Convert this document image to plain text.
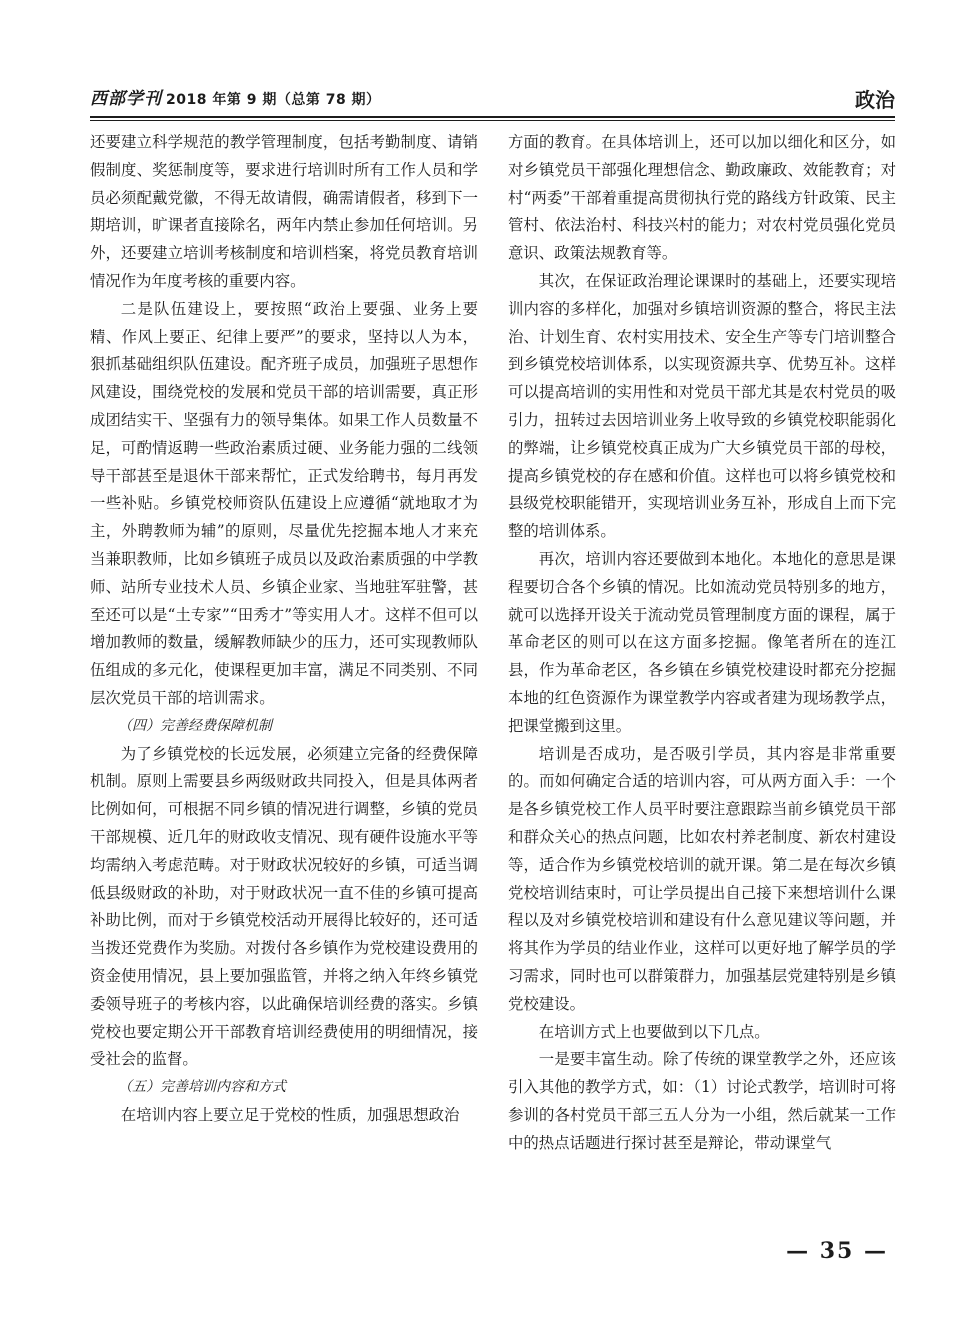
西部学刊 2018 年第 9 期（总第 78 期）	政治

还要建立科学规范的教学管理制度，包括考勤制度、请销假制度、奖惩制度等，要求进行培训时所有工作人员和学员必须配戴党徽，不得无故请假，确需请假者，移到下一期培训，旷课者直接除名，两年内禁止参加任何培训。另外，还要建立培训考核制度和培训档案，将党员教育培训情况作为年度考核的重要内容。

二是队伍建设上，要按照“政治上要强、业务上要精、作风上要正、纪律上要严”的要求，坚持以人为本，狠抓基础组织队伍建设。配齐班子成员，加强班子思想作风建设，围绕党校的发展和党员干部的培训需要，真正形成团结实干、坚强有力的领导集体。如果工作人员数量不足，可酌情返聘一些政治素质过硬、业务能力强的二线领导干部甚至是退休干部来帮忙，正式发给聘书，每月再发一些补贴。乡镇党校师资队伍建设上应遵循“就地取才为主，外聘教师为辅”的原则，尽量优先挖掘本地人才来充当兼职教师，比如乡镇班子成员以及政治素质强的中学教师、站所专业技术人员、乡镇企业家、当地驻军驻警，甚至还可以是“土专家”“田秀才”等实用人才。这样不但可以增加教师的数量，缓解教师缺少的压力，还可实现教师队伍组成的多元化，使课程更加丰富，满足不同类别、不同层次党员干部的培训需求。

（四）完善经费保障机制

为了乡镇党校的长远发展，必须建立完备的经费保障机制。原则上需要县乡两级财政共同投入，但是具体两者比例如何，可根据不同乡镇的情况进行调整，乡镇的党员干部规模、近几年的财政收支情况、现有硬件设施水平等均需纳入考虑范畴。对于财政状况较好的乡镇，可适当调低县级财政的补助，对于财政状况一直不佳的乡镇可提高补助比例，而对于乡镇党校活动开展得比较好的，还可适当拨还党费作为奖励。对拨付各乡镇作为党校建设费用的资金使用情况，县上要加强监管，并将之纳入年终乡镇党委领导班子的考核内容，以此确保培训经费的落实。乡镇党校也要定期公开干部教育培训经费使用的明细情况，接受社会的监督。

（五）完善培训内容和方式

在培训内容上要立足于党校的性质，加强思想政治

方面的教育。在具体培训上，还可以加以细化和区分，如对乡镇党员干部强化理想信念、勤政廉政、效能教育；对村“两委”干部着重提高贯彻执行党的路线方针政策、民主管村、依法治村、科技兴村的能力；对农村党员强化党员意识、政策法规教育等。

其次，在保证政治理论课课时的基础上，还要实现培训内容的多样化，加强对乡镇培训资源的整合，将民主法治、计划生育、农村实用技术、安全生产等专门培训整合到乡镇党校培训体系，以实现资源共享、优势互补。这样可以提高培训的实用性和对党员干部尤其是农村党员的吸引力，扭转过去因培训业务上收导致的乡镇党校职能弱化的弊端，让乡镇党校真正成为广大乡镇党员干部的母校，提高乡镇党校的存在感和价值。这样也可以将乡镇党校和县级党校职能错开，实现培训业务互补，形成自上而下完整的培训体系。

再次，培训内容还要做到本地化。本地化的意思是课程要切合各个乡镇的情况。比如流动党员特别多的地方，就可以选择开设关于流动党员管理制度方面的课程，属于革命老区的则可以在这方面多挖掘。像笔者所在的连江县，作为革命老区，各乡镇在乡镇党校建设时都充分挖掘本地的红色资源作为课堂教学内容或者建为现场教学点，把课堂搬到这里。

培训是否成功，是否吸引学员，其内容是非常重要的。而如何确定合适的培训内容，可从两方面入手：一个是各乡镇党校工作人员平时要注意跟踪当前乡镇党员干部和群众关心的热点问题，比如农村养老制度、新农村建设等，适合作为乡镇党校培训的就开课。第二是在每次乡镇党校培训结束时，可让学员提出自己接下来想培训什么课程以及对乡镇党校培训和建设有什么意见建议等问题，并将其作为学员的结业作业，这样可以更好地了解学员的学习需求，同时也可以群策群力，加强基层党建特别是乡镇党校建设。

在培训方式上也要做到以下几点。

一是要丰富生动。除了传统的课堂教学之外，还应该引入其他的教学方式，如：（1）讨论式教学，培训时可将参训的各村党员干部三五人分为一小组，然后就某一工作中的热点话题进行探讨甚至是辩论，带动课堂气

— 35 —
